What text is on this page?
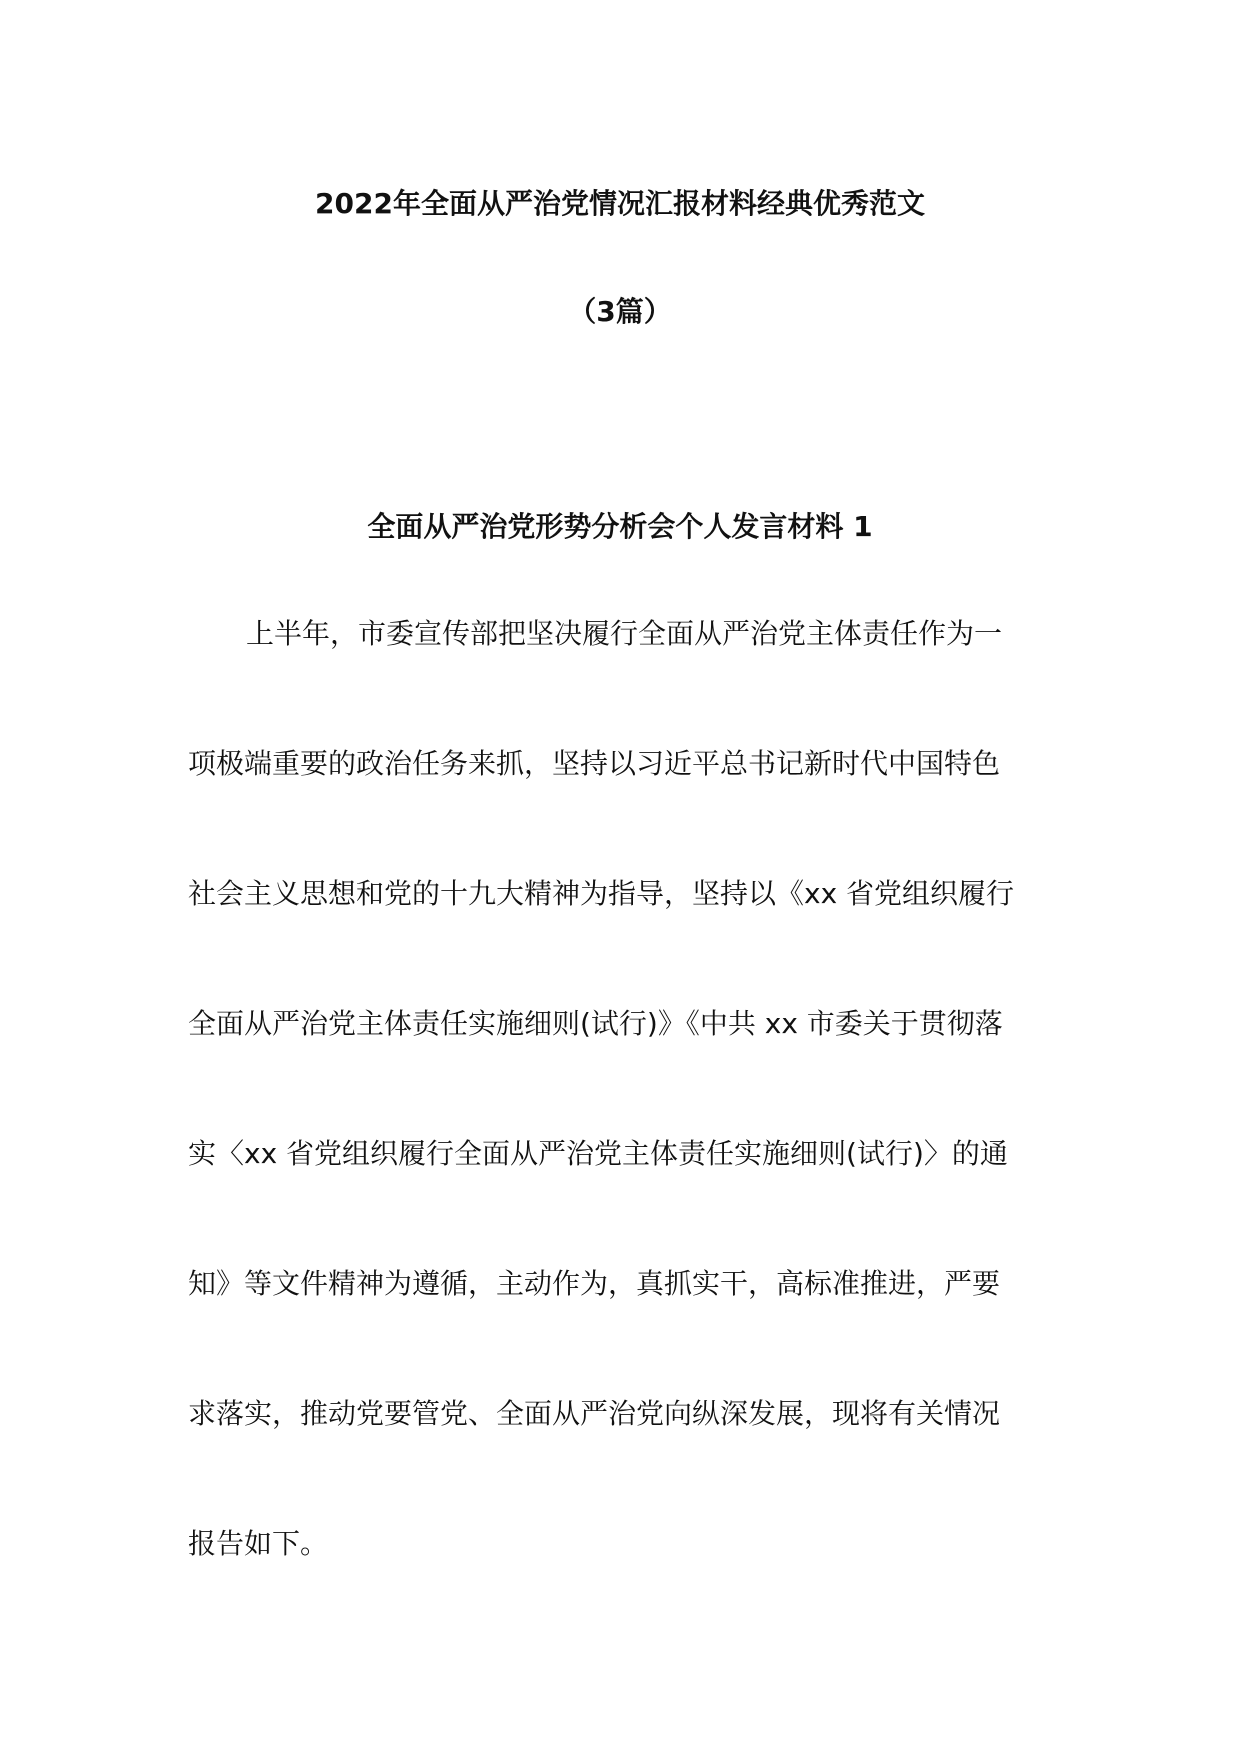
2022年全面从严治党情况汇报材料经典优秀范文
（3篇）
全面从严治党形势分析会个人发言材料 1
上半年，市委宣传部把坚决履行全面从严治党主体责任作为一
项极端重要的政治任务来抓，坚持以习近平总书记新时代中国特色
社会主义思想和党的十九大精神为指导，坚持以《xx 省党组织履行
全面从严治党主体责任实施细则(试行)》《中共 xx 市委关于贯彻落
实〈xx 省党组织履行全面从严治党主体责任实施细则(试行)〉的通
知》等文件精神为遵循，主动作为，真抓实干，高标准推进，严要
求落实，推动党要管党、全面从严治党向纵深发展，现将有关情况
报告如下。
